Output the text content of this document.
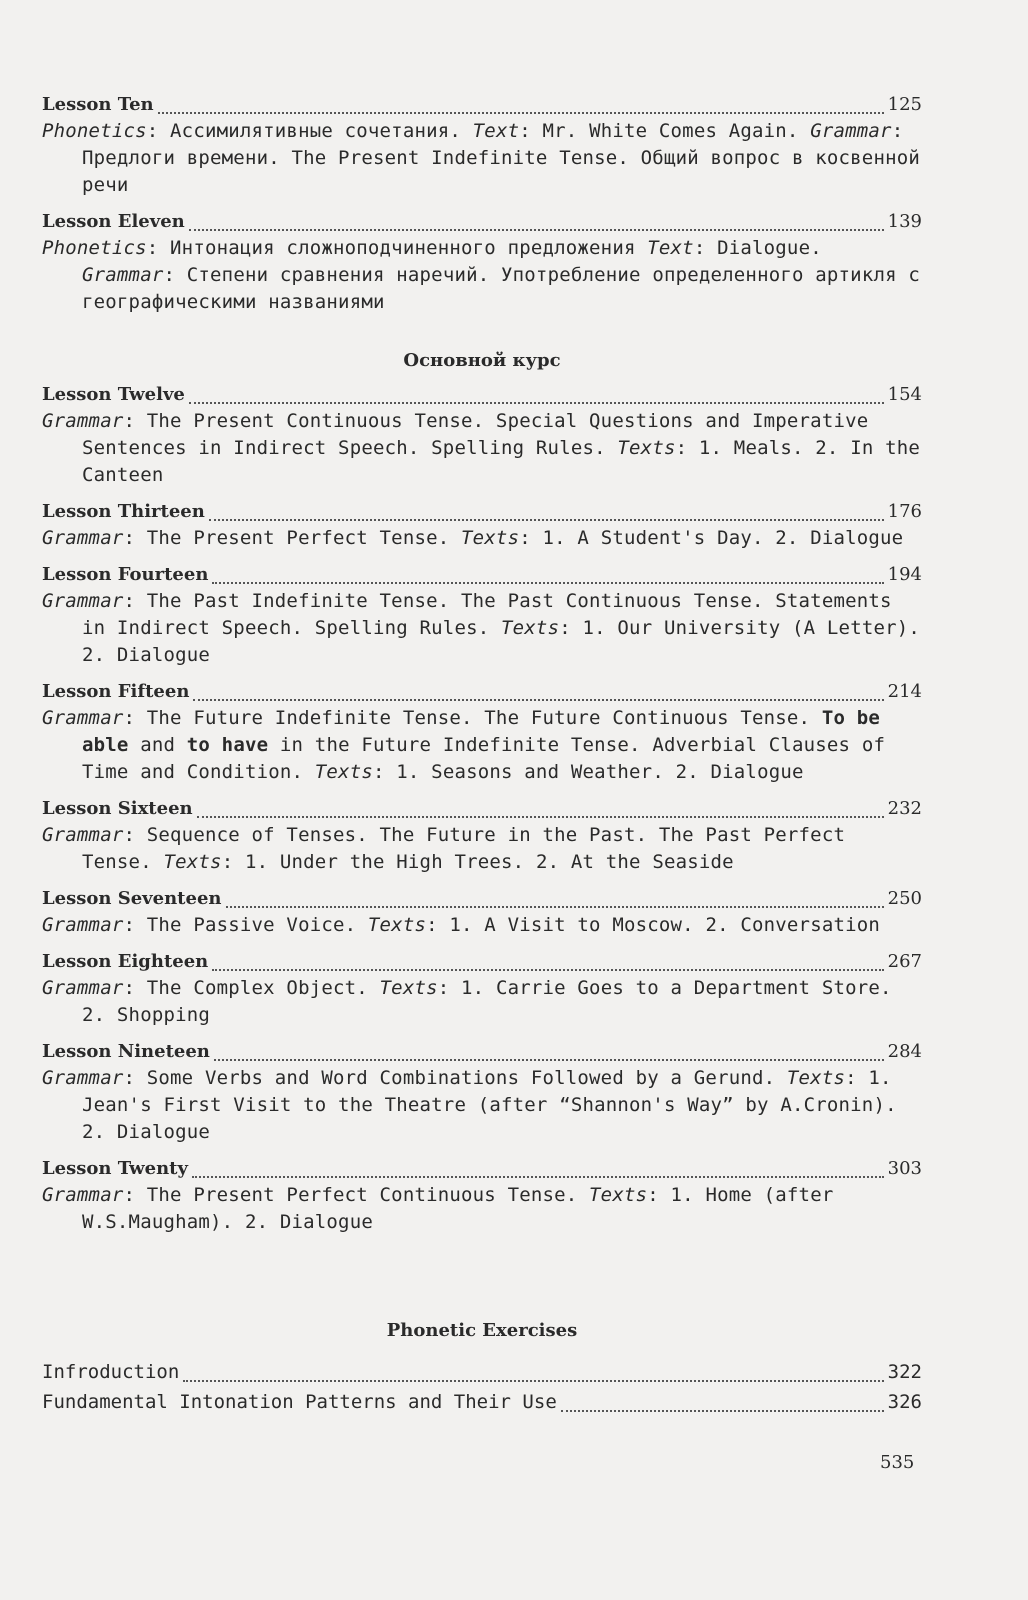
Lesson Ten	125
Phonetics: Ассимилятивные сочетания. Text: Mr. White Comes Again. Grammar: Предлоги времени. The Present Indefinite Tense. Общий вопрос в косвенной речи
Lesson Eleven	139
Phonetics: Интонация сложноподчиненного предложения Text: Dialogue. Grammar: Степени сравнения наречий. Употребление определенного артикля с географическими названиями
Основной курс
Lesson Twelve	154
Grammar: The Present Continuous Tense. Special Questions and Imperative Sentences in Indirect Speech. Spelling Rules. Texts: 1. Meals. 2. In the Canteen
Lesson Thirteen	176
Grammar: The Present Perfect Tense. Texts: 1. A Student's Day. 2. Dialogue
Lesson Fourteen	194
Grammar: The Past Indefinite Tense. The Past Continuous Tense. Statements in Indirect Speech. Spelling Rules. Texts: 1. Our University (A Letter). 2. Dialogue
Lesson Fifteen	214
Grammar: The Future Indefinite Tense. The Future Continuous Tense. To be able and to have in the Future Indefinite Tense. Adverbial Clauses of Time and Condition. Texts: 1. Seasons and Weather. 2. Dialogue
Lesson Sixteen	232
Grammar: Sequence of Tenses. The Future in the Past. The Past Perfect Tense. Texts: 1. Under the High Trees. 2. At the Seaside
Lesson Seventeen	250
Grammar: The Passive Voice. Texts: 1. A Visit to Moscow. 2. Conversation
Lesson Eighteen	267
Grammar: The Complex Object. Texts: 1. Carrie Goes to a Department Store. 2. Shopping
Lesson Nineteen	284
Grammar: Some Verbs and Word Combinations Followed by a Gerund. Texts: 1. Jean's First Visit to the Theatre (after “Shannon's Way” by A.Cronin). 2. Dialogue
Lesson Twenty	303
Grammar: The Present Perfect Continuous Tense. Texts: 1. Home (after W.S.Maugham). 2. Dialogue
Phonetic Exercises
Infroduction	322
Fundamental Intonation Patterns and Their Use	326
535
